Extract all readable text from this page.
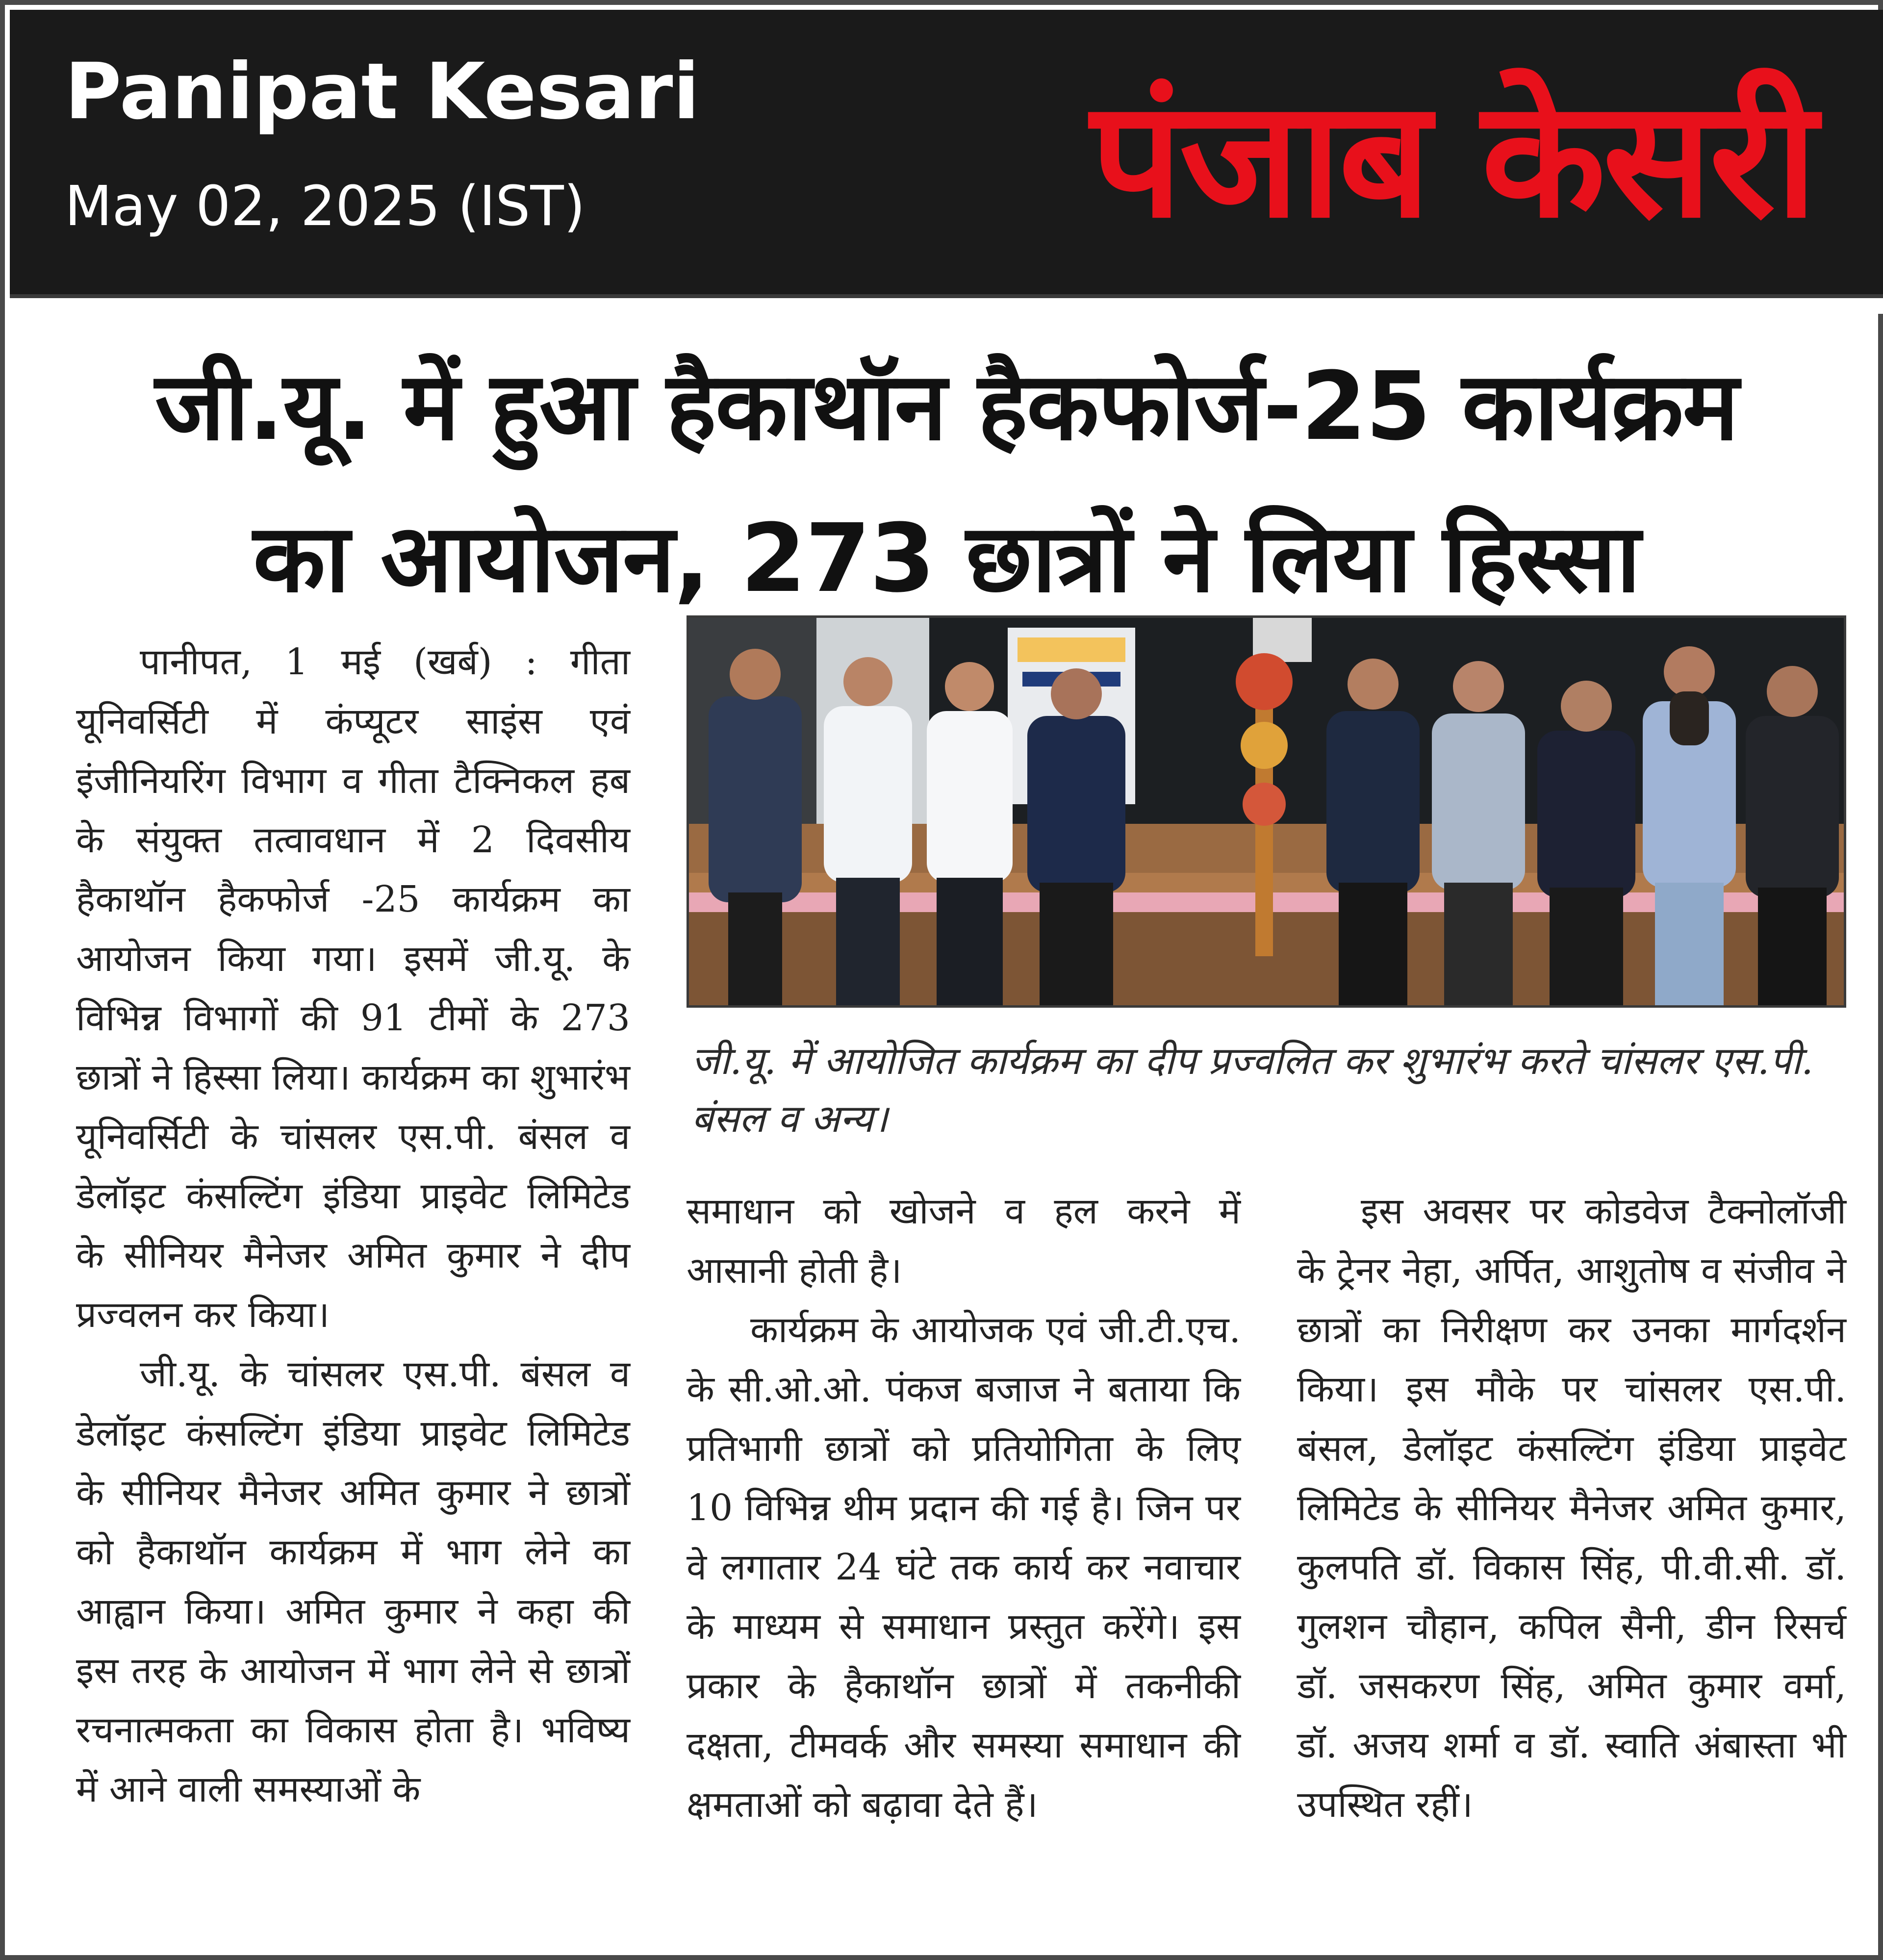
Panipat Kesari
May 02, 2025 (IST)	पंजाब केसरी
जी.यू. में हुआ हैकाथॉन हैकफोर्ज-25 कार्यक्रम
का आयोजन, 273 छात्रों ने लिया हिस्सा

पानीपत, 1 मई (खर्ब) : गीता यूनिवर्सिटी में कंप्यूटर साइंस एवं इंजीनियरिंग विभाग व गीता टैक्निकल हब के संयुक्त तत्वावधान में 2 दिवसीय हैकाथॉन हैकफोर्ज -25 कार्यक्रम का आयोजन किया गया। इसमें जी.यू. के विभिन्न विभागों की 91 टीमों के 273 छात्रों ने हिस्सा लिया। कार्यक्रम का शुभारंभ यूनिवर्सिटी के चांसलर एस.पी. बंसल व डेलॉइट कंसल्टिंग इंडिया प्राइवेट लिमिटेड के सीनियर मैनेजर अमित कुमार ने दीप प्रज्वलन कर किया।

जी.यू. के चांसलर एस.पी. बंसल व डेलॉइट कंसल्टिंग इंडिया प्राइवेट लिमिटेड के सीनियर मैनेजर अमित कुमार ने छात्रों को हैकाथॉन कार्यक्रम में भाग लेने का आह्वान किया। अमित कुमार ने कहा की इस तरह के आयोजन में भाग लेने से छात्रों रचनात्मकता का विकास होता है। भविष्य में आने वाली समस्याओं के

जी.यू. में आयोजित कार्यक्रम का दीप प्रज्वलित कर शुभारंभ करते चांसलर एस.पी. बंसल व अन्य।

समाधान को खोजने व हल करने में आसानी होती है।

कार्यक्रम के आयोजक एवं जी.टी.एच. के सी.ओ.ओ. पंकज बजाज ने बताया कि प्रतिभागी छात्रों को प्रतियोगिता के लिए 10 विभिन्न थीम प्रदान की गई है। जिन पर वे लगातार 24 घंटे तक कार्य कर नवाचार के माध्यम से समाधान प्रस्तुत करेंगे। इस प्रकार के हैकाथॉन छात्रों में तकनीकी दक्षता, टीमवर्क और समस्या समाधान की क्षमताओं को बढ़ावा देते हैं।

इस अवसर पर कोडवेज टैक्नोलॉजी के ट्रेनर नेहा, अर्पित, आशुतोष व संजीव ने छात्रों का निरीक्षण कर उनका मार्गदर्शन किया। इस मौके पर चांसलर एस.पी. बंसल, डेलॉइट कंसल्टिंग इंडिया प्राइवेट लिमिटेड के सीनियर मैनेजर अमित कुमार, कुलपति डॉ. विकास सिंह, पी.वी.सी. डॉ. गुलशन चौहान, कपिल सैनी, डीन रिसर्च डॉ. जसकरण सिंह, अमित कुमार वर्मा, डॉ. अजय शर्मा व डॉ. स्वाति अंबास्ता भी उपस्थित रहीं।
